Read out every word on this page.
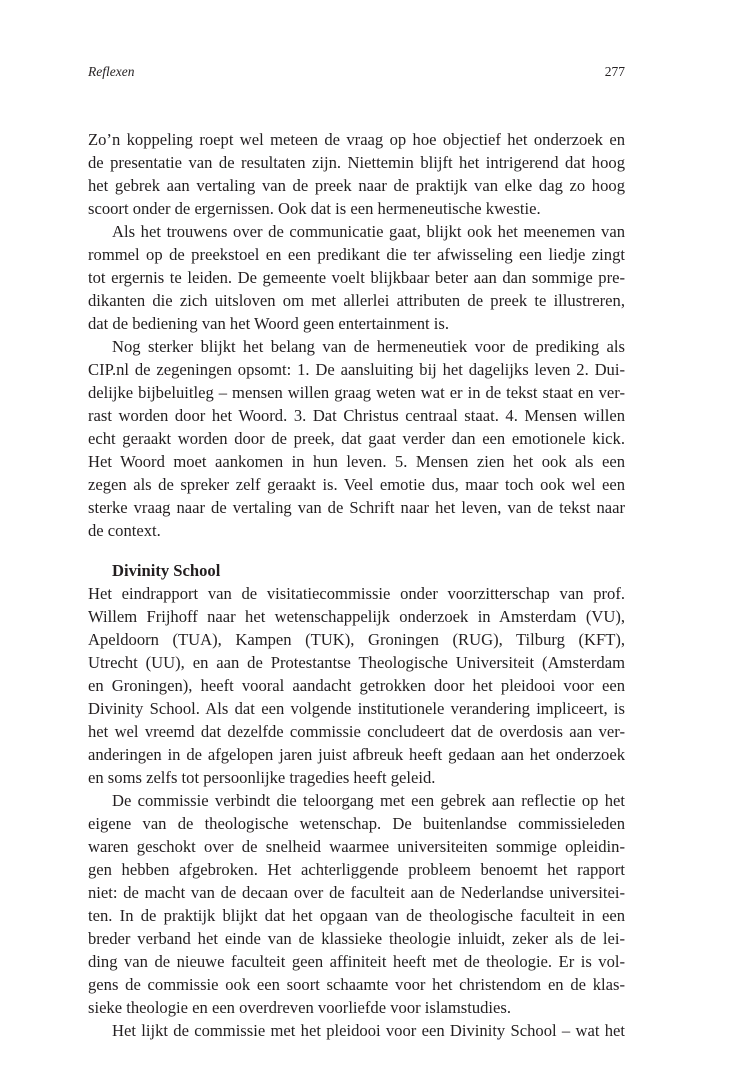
Reflexen	277
Zo’n koppeling roept wel meteen de vraag op hoe objectief het onderzoek en
de presentatie van de resultaten zijn. Niettemin blijft het intrigerend dat hoog
het gebrek aan vertaling van de preek naar de praktijk van elke dag zo hoog
scoort onder de ergernissen. Ook dat is een hermeneutische kwestie.
Als het trouwens over de communicatie gaat, blijkt ook het meenemen van
rommel op de preekstoel en een predikant die ter afwisseling een liedje zingt
tot ergernis te leiden. De gemeente voelt blijkbaar beter aan dan sommige pre-
dikanten die zich uitsloven om met allerlei attributen de preek te illustreren,
dat de bediening van het Woord geen entertainment is.
Nog sterker blijkt het belang van de hermeneutiek voor de prediking als
CIP.nl de zegeningen opsomt: 1. De aansluiting bij het dagelijks leven 2. Dui-
delijke bijbeluitleg – mensen willen graag weten wat er in de tekst staat en ver-
rast worden door het Woord. 3. Dat Christus centraal staat. 4. Mensen willen
echt geraakt worden door de preek, dat gaat verder dan een emotionele kick.
Het Woord moet aankomen in hun leven. 5. Mensen zien het ook als een
zegen als de spreker zelf geraakt is. Veel emotie dus, maar toch ook wel een
sterke vraag naar de vertaling van de Schrift naar het leven, van de tekst naar
de context.
Divinity School
Het eindrapport van de visitatiecommissie onder voorzitterschap van prof.
Willem Frijhoff naar het wetenschappelijk onderzoek in Amsterdam (VU),
Apeldoorn (TUA), Kampen (TUK), Groningen (RUG), Tilburg (KFT),
Utrecht (UU), en aan de Protestantse Theologische Universiteit (Amsterdam
en Groningen), heeft vooral aandacht getrokken door het pleidooi voor een
Divinity School. Als dat een volgende institutionele verandering impliceert, is
het wel vreemd dat dezelfde commissie concludeert dat de overdosis aan ver-
anderingen in de afgelopen jaren juist afbreuk heeft gedaan aan het onderzoek
en soms zelfs tot persoonlijke tragedies heeft geleid.
De commissie verbindt die teloorgang met een gebrek aan reflectie op het
eigene van de theologische wetenschap. De buitenlandse commissieleden
waren geschokt over de snelheid waarmee universiteiten sommige opleidin-
gen hebben afgebroken. Het achterliggende probleem benoemt het rapport
niet: de macht van de decaan over de faculteit aan de Nederlandse universitei-
ten. In de praktijk blijkt dat het opgaan van de theologische faculteit in een
breder verband het einde van de klassieke theologie inluidt, zeker als de lei-
ding van de nieuwe faculteit geen affiniteit heeft met de theologie. Er is vol-
gens de commissie ook een soort schaamte voor het christendom en de klas-
sieke theologie en een overdreven voorliefde voor islamstudies.
Het lijkt de commissie met het pleidooi voor een Divinity School – wat het
